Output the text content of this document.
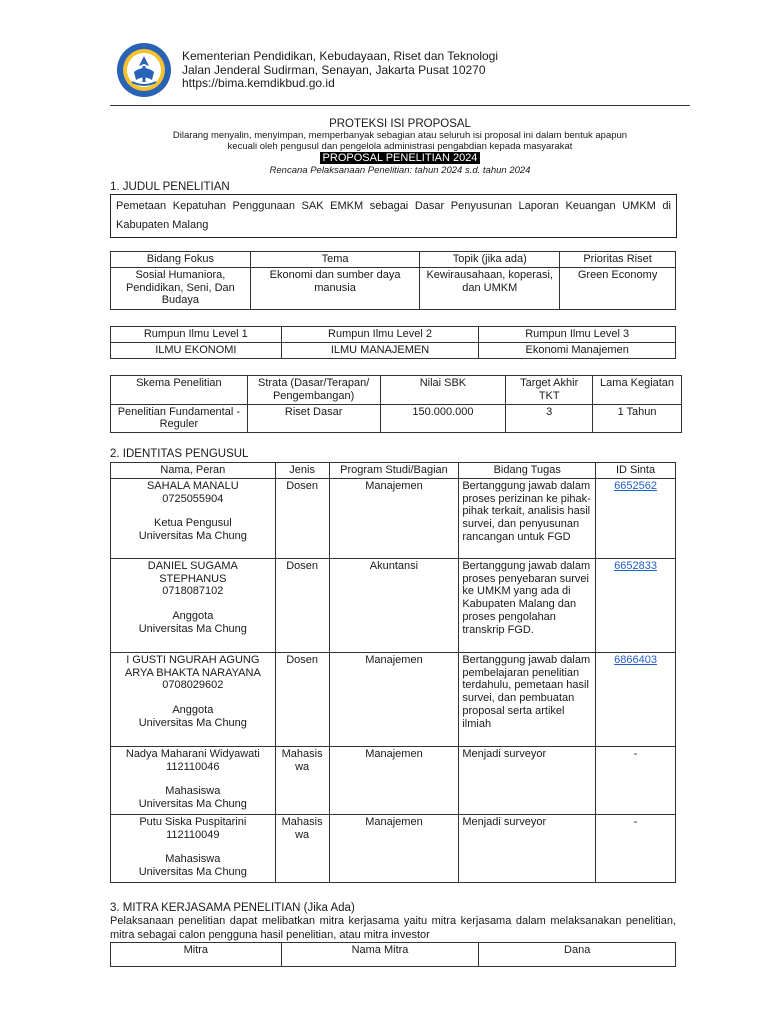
Kementerian Pendidikan, Kebudayaan, Riset dan Teknologi
Jalan Jenderal Sudirman, Senayan, Jakarta Pusat 10270
https://bima.kemdikbud.go.id
PROTEKSI ISI PROPOSAL
Dilarang menyalin, menyimpan, memperbanyak sebagian atau seluruh isi proposal ini dalam bentuk apapun
kecuali oleh pengusul dan pengelola administrasi pengabdian kepada masyarakat
PROPOSAL PENELITIAN 2024
Rencana Pelaksanaan Penelitian: tahun 2024 s.d. tahun 2024
1. JUDUL PENELITIAN
Pemetaan Kepatuhan Penggunaan SAK EMKM sebagai Dasar Penyusunan Laporan Keuangan UMKM di Kabupaten Malang
Bidang Fokus	Tema	Topik (jika ada)	Prioritas Riset
Sosial Humaniora, Pendidikan, Seni, Dan Budaya	Ekonomi dan sumber daya manusia	Kewirausahaan, koperasi, dan UMKM	Green Economy
Rumpun Ilmu Level 1	Rumpun Ilmu Level 2	Rumpun Ilmu Level 3
ILMU EKONOMI	ILMU MANAJEMEN	Ekonomi Manajemen
Skema Penelitian	Strata (Dasar/Terapan/ Pengembangan)	Nilai SBK	Target Akhir TKT	Lama Kegiatan
Penelitian Fundamental - Reguler	Riset Dasar	150.000.000	3	1 Tahun
2. IDENTITAS PENGUSUL
Nama, Peran	Jenis	Program Studi/Bagian	Bidang Tugas	ID Sinta

SAHALA MANALU
0725055904
Ketua Pengusul
Universitas Ma Chung	Dosen	Manajemen	Bertanggung jawab dalam proses perizinan ke pihak-pihak terkait, analisis hasil survei, dan penyusunan rancangan untuk FGD	6652562

DANIEL SUGAMA STEPHANUS
0718087102
Anggota
Universitas Ma Chung	Dosen	Akuntansi	Bertanggung jawab dalam proses penyebaran survei ke UMKM yang ada di Kabupaten Malang dan proses pengolahan transkrip FGD.	6652833

I GUSTI NGURAH AGUNG ARYA BHAKTA NARAYANA
0708029602
Anggota
Universitas Ma Chung	Dosen	Manajemen	Bertanggung jawab dalam pembelajaran penelitian terdahulu, pemetaan hasil survei, dan pembuatan proposal serta artikel ilmiah	6866403

Nadya Maharani Widyawati
112110046
Mahasiswa
Universitas Ma Chung	Mahasiswa	Manajemen	Menjadi surveyor	-

Putu Siska Puspitarini
112110049
Mahasiswa
Universitas Ma Chung	Mahasiswa	Manajemen	Menjadi surveyor	-
3. MITRA KERJASAMA PENELITIAN (Jika Ada)
Pelaksanaan penelitian dapat melibatkan mitra kerjasama yaitu mitra kerjasama dalam melaksanakan penelitian, mitra sebagai calon pengguna hasil penelitian, atau mitra investor
Mitra	Nama Mitra	Dana
